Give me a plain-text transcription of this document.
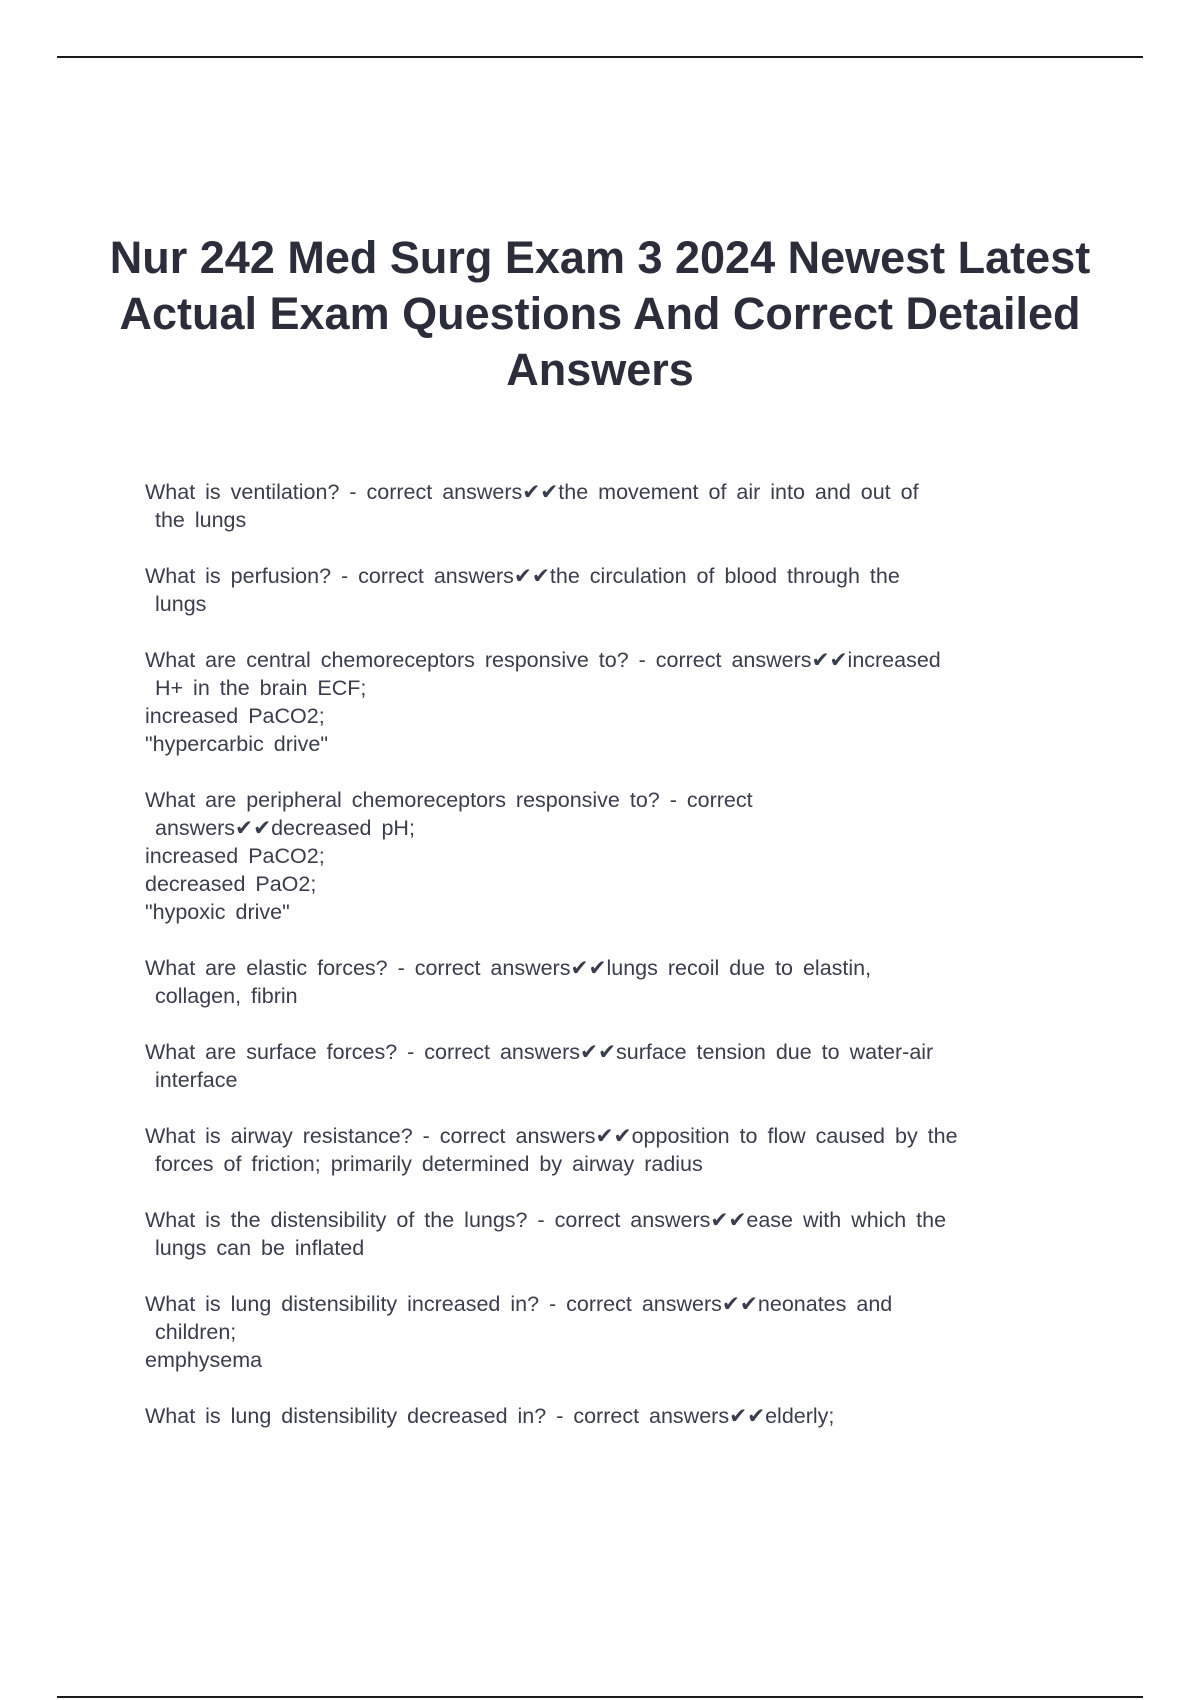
Nur 242 Med Surg Exam 3 2024 Newest Latest Actual Exam Questions And Correct Detailed Answers
What is ventilation? - correct answers✔✔the movement of air into and out of
the lungs
What is perfusion? - correct answers✔✔the circulation of blood through the
lungs
What are central chemoreceptors responsive to? - correct answers✔✔increased
H+ in the brain ECF;
increased PaCO2;
"hypercarbic drive"
What are peripheral chemoreceptors responsive to? - correct
answers✔✔decreased pH;
increased PaCO2;
decreased PaO2;
"hypoxic drive"
What are elastic forces? - correct answers✔✔lungs recoil due to elastin,
collagen, fibrin
What are surface forces? - correct answers✔✔surface tension due to water-air
interface
What is airway resistance? - correct answers✔✔opposition to flow caused by the
forces of friction; primarily determined by airway radius
What is the distensibility of the lungs? - correct answers✔✔ease with which the
lungs can be inflated
What is lung distensibility increased in? - correct answers✔✔neonates and
children;
emphysema
What is lung distensibility decreased in? - correct answers✔✔elderly;
